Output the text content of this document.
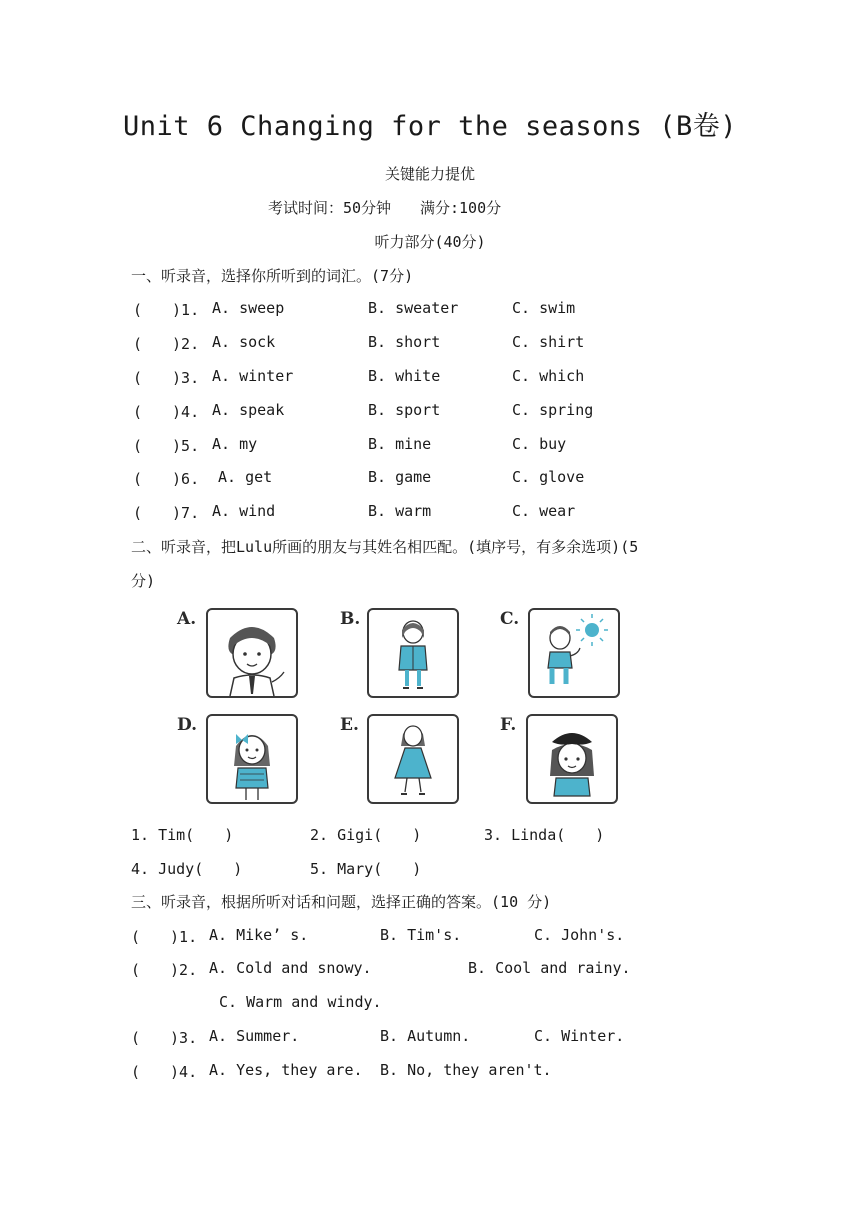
Unit 6 Changing for the seasons (B卷)
关键能力提优
考试时间：50分钟 满分:100分
听力部分(40分)
一、听录音，选择你所听到的词汇。(7分)
(　　)1. A. sweep	B. sweater	C. swim
(　　)2. A. sock	B. short	C. shirt
(　　)3. A. winter	B. white	C. which
(　　)4. A. speak	B. sport	C. spring
(　　)5. A. my	B. mine	C. buy
(　　)6. A. get	B. game	C. glove
(　　)7. A. wind	B. warm	C. wear
二、听录音，把Lulu所画的朋友与其姓名相匹配。(填序号，有多余选项)(5
分)
A.	B.	C.
D.	E.	F.
1. Tim(　　)	2. Gigi(　　)	3. Linda(　　)
4. Judy(　　)	5. Mary(　　)
三、听录音，根据所听对话和问题，选择正确的答案。(10 分)
(　　)1. A. Mike’ s.	B. Tim's.	C. John's.
(　　)2. A. Cold and snowy.	B. Cool and rainy.
C. Warm and windy.
(　　)3. A. Summer.	B. Autumn.	C. Winter.
(　　)4. A. Yes, they are. B. No, they aren't.
